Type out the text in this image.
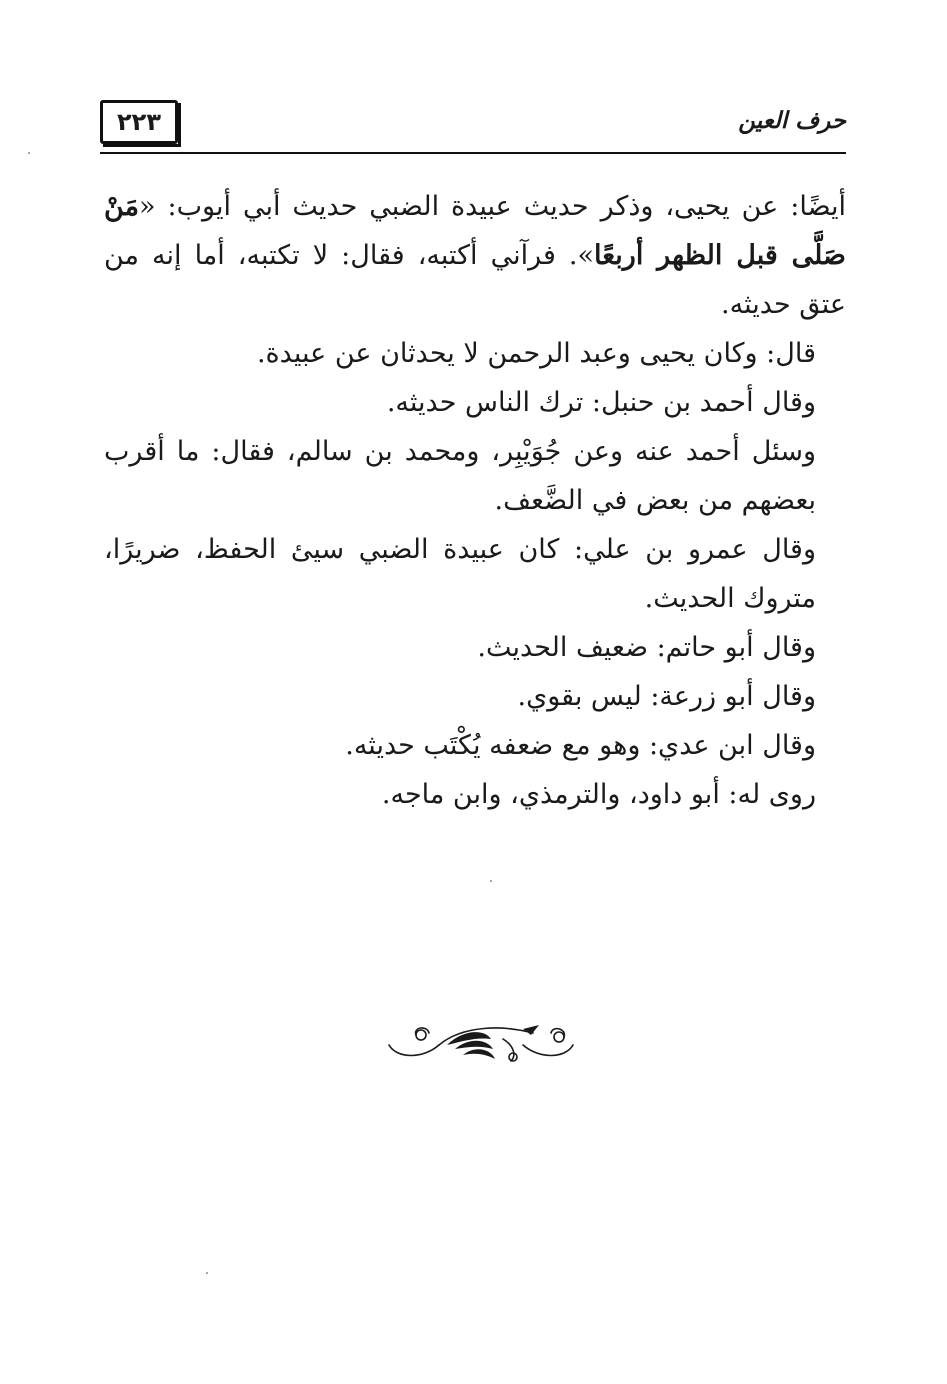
٢٢٣	حرف العين

أيضًا: عن يحيى، وذكر حديث عبيدة الضبي حديث أبي أيوب: «مَنْ صَلَّى قبل الظهر أربعًا». فرآني أكتبه، فقال: لا تكتبه، أما إنه من عتق حديثه.

قال: وكان يحيى وعبد الرحمن لا يحدثان عن عبيدة.

وقال أحمد بن حنبل: ترك الناس حديثه.

وسئل أحمد عنه وعن جُوَيْبِر، ومحمد بن سالم، فقال: ما أقرب بعضهم من بعض في الضَّعف.

وقال عمرو بن علي: كان عبيدة الضبي سيئ الحفظ، ضريرًا، متروك الحديث.

وقال أبو حاتم: ضعيف الحديث.

وقال أبو زرعة: ليس بقوي.

وقال ابن عدي: وهو مع ضعفه يُكْتَب حديثه.

روى له: أبو داود، والترمذي، وابن ماجه.
